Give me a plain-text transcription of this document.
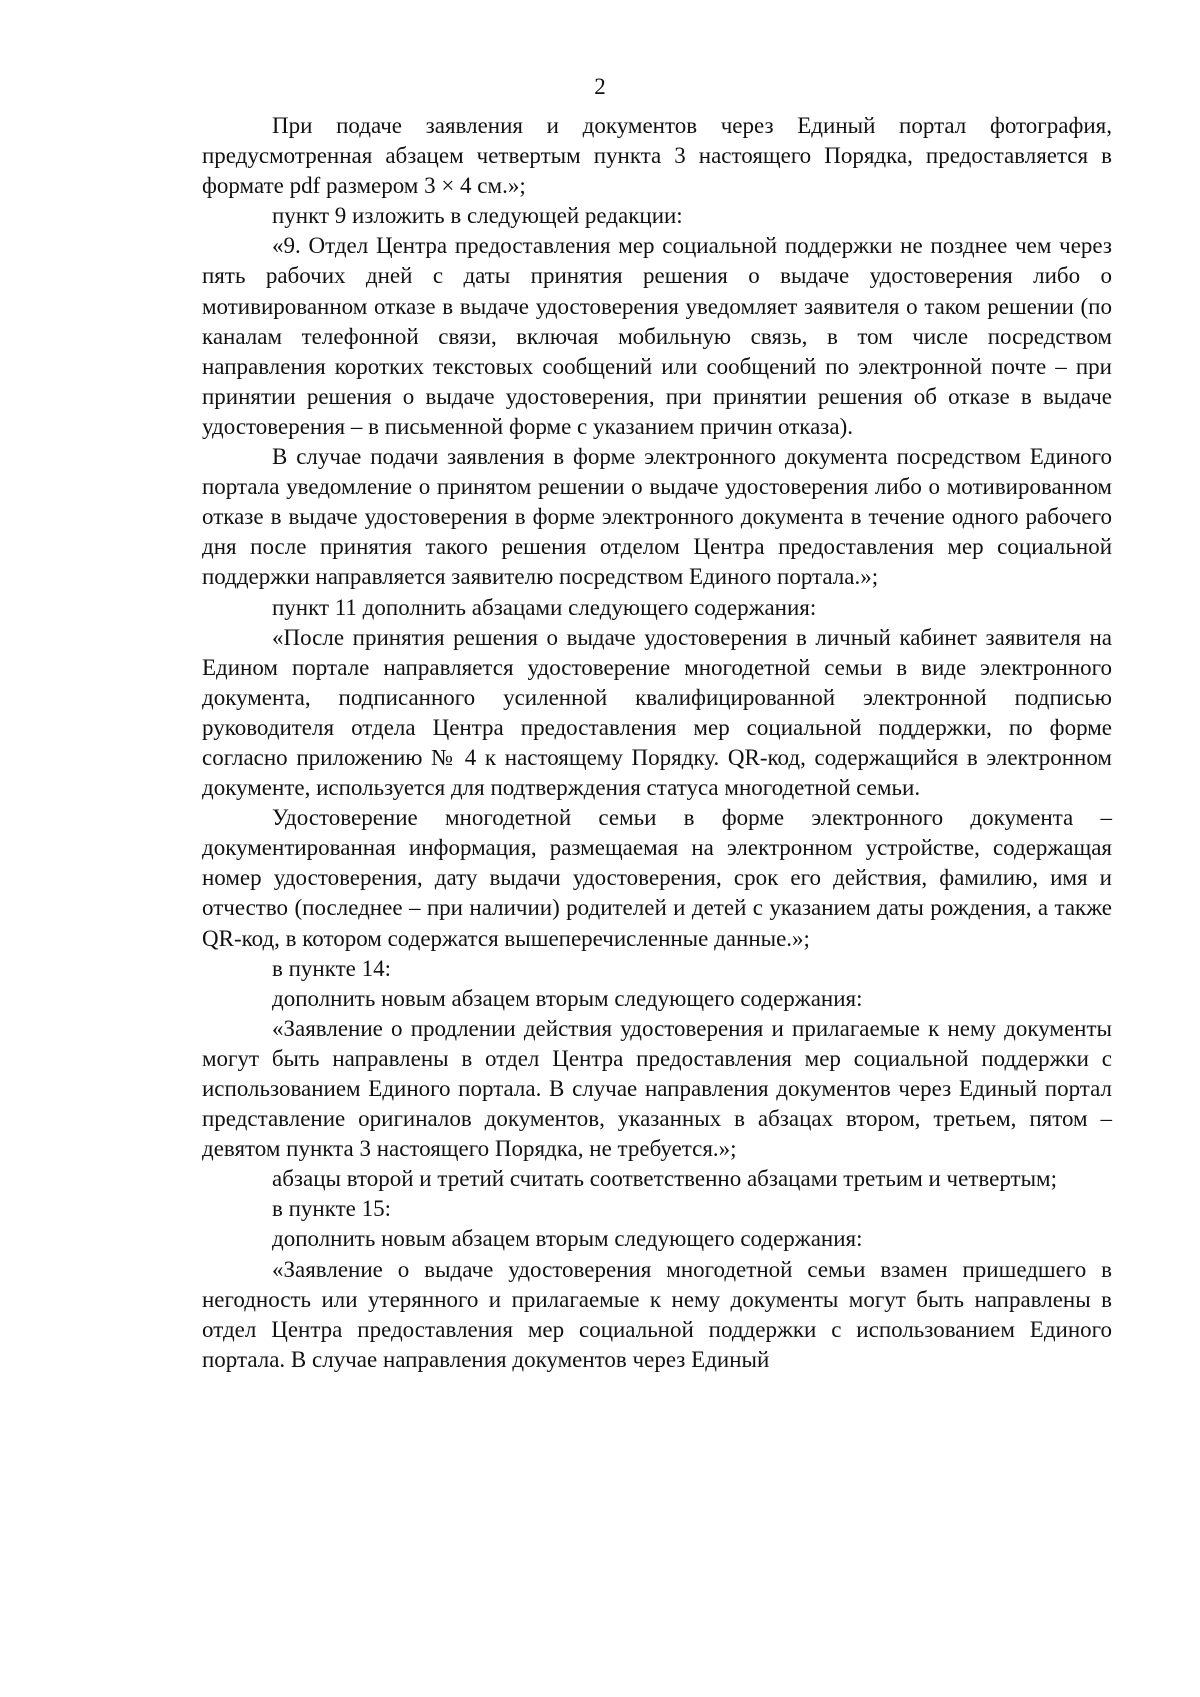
2

При подаче заявления и документов через Единый портал фотография, предусмотренная абзацем четвертым пункта 3 настоящего Порядка, предоставляется в формате pdf размером 3 × 4 см.»;

пункт 9 изложить в следующей редакции:

«9. Отдел Центра предоставления мер социальной поддержки не позднее чем через пять рабочих дней с даты принятия решения о выдаче удостоверения либо о мотивированном отказе в выдаче удостоверения уведомляет заявителя о таком решении (по каналам телефонной связи, включая мобильную связь, в том числе посредством направления коротких текстовых сообщений или сообщений по электронной почте – при принятии решения о выдаче удостоверения, при принятии решения об отказе в выдаче удостоверения – в письменной форме с указанием причин отказа).

В случае подачи заявления в форме электронного документа посредством Единого портала уведомление о принятом решении о выдаче удостоверения либо о мотивированном отказе в выдаче удостоверения в форме электронного документа в течение одного рабочего дня после принятия такого решения отделом Центра предоставления мер социальной поддержки направляется заявителю посредством Единого портала.»;

пункт 11 дополнить абзацами следующего содержания:

«После принятия решения о выдаче удостоверения в личный кабинет заявителя на Едином портале направляется удостоверение многодетной семьи в виде электронного документа, подписанного усиленной квалифицированной электронной подписью руководителя отдела Центра предоставления мер социальной поддержки, по форме согласно приложению № 4 к настоящему Порядку. QR-код, содержащийся в электронном документе, используется для подтверждения статуса многодетной семьи.

Удостоверение многодетной семьи в форме электронного документа – документированная информация, размещаемая на электронном устройстве, содержащая номер удостоверения, дату выдачи удостоверения, срок его действия, фамилию, имя и отчество (последнее – при наличии) родителей и детей с указанием даты рождения, а также QR-код, в котором содержатся вышеперечисленные данные.»;

в пункте 14:

дополнить новым абзацем вторым следующего содержания:

«Заявление о продлении действия удостоверения и прилагаемые к нему документы могут быть направлены в отдел Центра предоставления мер социальной поддержки с использованием Единого портала. В случае направления документов через Единый портал представление оригиналов документов, указанных в абзацах втором, третьем, пятом – девятом пункта 3 настоящего Порядка, не требуется.»;

абзацы второй и третий считать соответственно абзацами третьим и четвертым;

в пункте 15:

дополнить новым абзацем вторым следующего содержания:

«Заявление о выдаче удостоверения многодетной семьи взамен пришедшего в негодность или утерянного и прилагаемые к нему документы могут быть направлены в отдел Центра предоставления мер социальной поддержки с использованием Единого портала. В случае направления документов через Единый
